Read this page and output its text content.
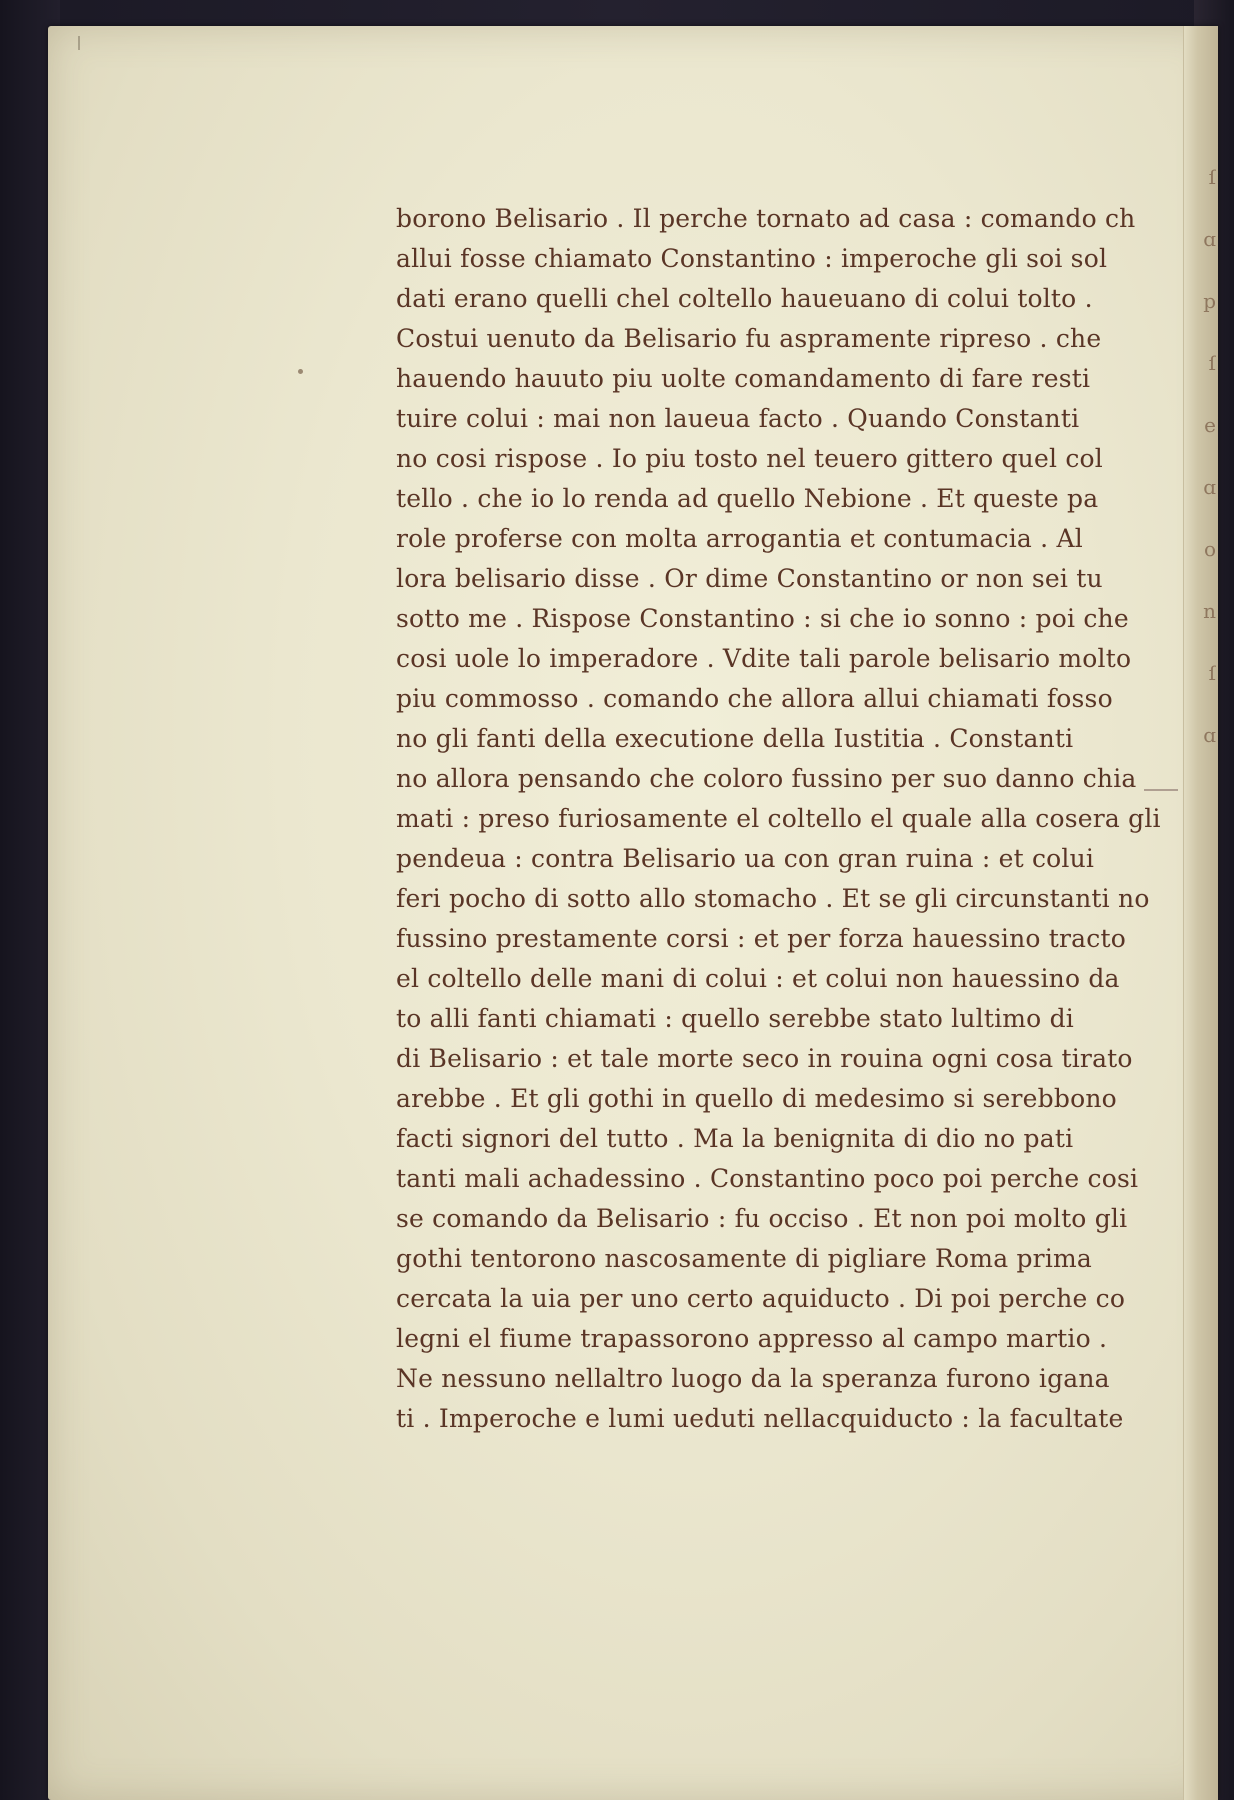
ſ
ɑ
p
ſ
e
ɑ
o
n
ſ
ɑ
borono Belisario . Il perche tornato ad casa : comando ch
allui fosse chiamato Constantino : imperoche gli soi sol
dati erano quelli chel coltello haueuano di colui tolto .
Costui uenuto da Belisario fu aspramente ripreso . che
hauendo hauuto piu uolte comandamento di fare resti
tuire colui : mai non laueua facto . Quando Constanti
no cosi rispose . Io piu tosto nel teuero gittero quel col
tello . che io lo renda ad quello Nebione . Et queste pa
role proferse con molta arrogantia et contumacia . Al
lora belisario disse . Or dime Constantino or non sei tu
sotto me . Rispose Constantino : si che io sonno : poi che
cosi uole lo imperadore . Vdite tali parole belisario molto
piu commosso . comando che allora allui chiamati fosso
no gli fanti della executione della Iustitia . Constanti
no allora pensando che coloro fussino per suo danno chia
mati : preso furiosamente el coltello el quale alla cosera gli
pendeua : contra Belisario ua con gran ruina : et colui
feri pocho di sotto allo stomacho . Et se gli circunstanti no
fussino prestamente corsi : et per forza hauessino tracto
el coltello delle mani di colui : et colui non hauessino da
to alli fanti chiamati : quello serebbe stato lultimo di
di Belisario : et tale morte seco in rouina ogni cosa tirato
arebbe . Et gli gothi in quello di medesimo si serebbono
facti signori del tutto . Ma la benignita di dio no pati
tanti mali achadessino . Constantino poco poi perche cosi
se comando da Belisario : fu occiso . Et non poi molto gli
gothi tentorono nascosamente di pigliare Roma prima
cercata la uia per uno certo aquiducto . Di poi perche co
legni el fiume trapassorono appresso al campo martio .
Ne nessuno nellaltro luogo da la speranza furono igana
ti . Imperoche e lumi ueduti nellacquiducto : la facultate
